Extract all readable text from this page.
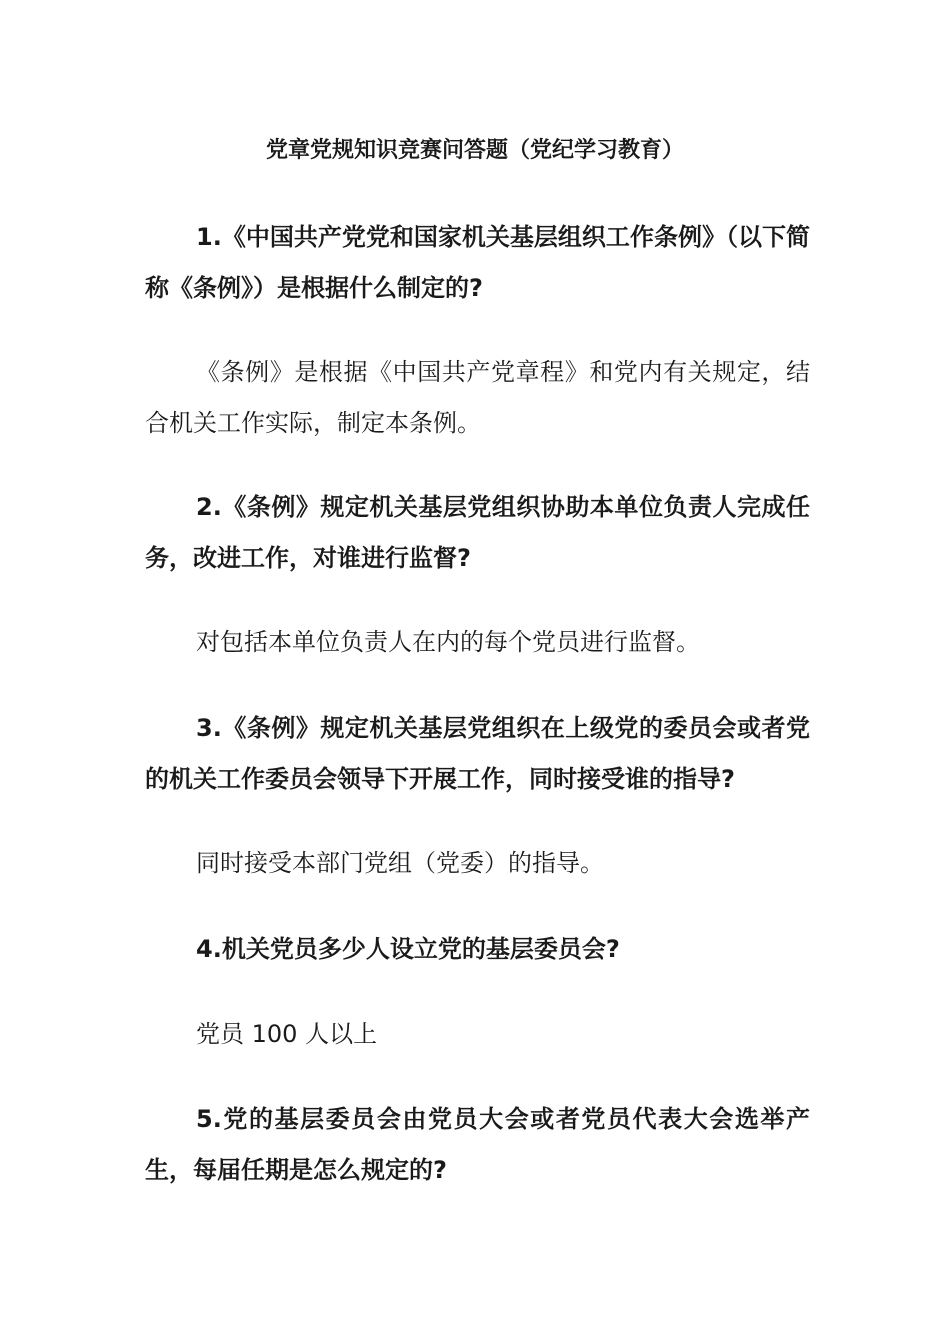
党章党规知识竞赛问答题（党纪学习教育）

1.《中国共产党党和国家机关基层组织工作条例》（以下简称《条例》）是根据什么制定的?

《条例》是根据《中国共产党章程》和党内有关规定，结合机关工作实际，制定本条例。

2.《条例》规定机关基层党组织协助本单位负责人完成任务，改进工作，对谁进行监督?

对包括本单位负责人在内的每个党员进行监督。

3.《条例》规定机关基层党组织在上级党的委员会或者党的机关工作委员会领导下开展工作，同时接受谁的指导?

同时接受本部门党组（党委）的指导。

4.机关党员多少人设立党的基层委员会?

党员 100 人以上

5.党的基层委员会由党员大会或者党员代表大会选举产生，每届任期是怎么规定的?
